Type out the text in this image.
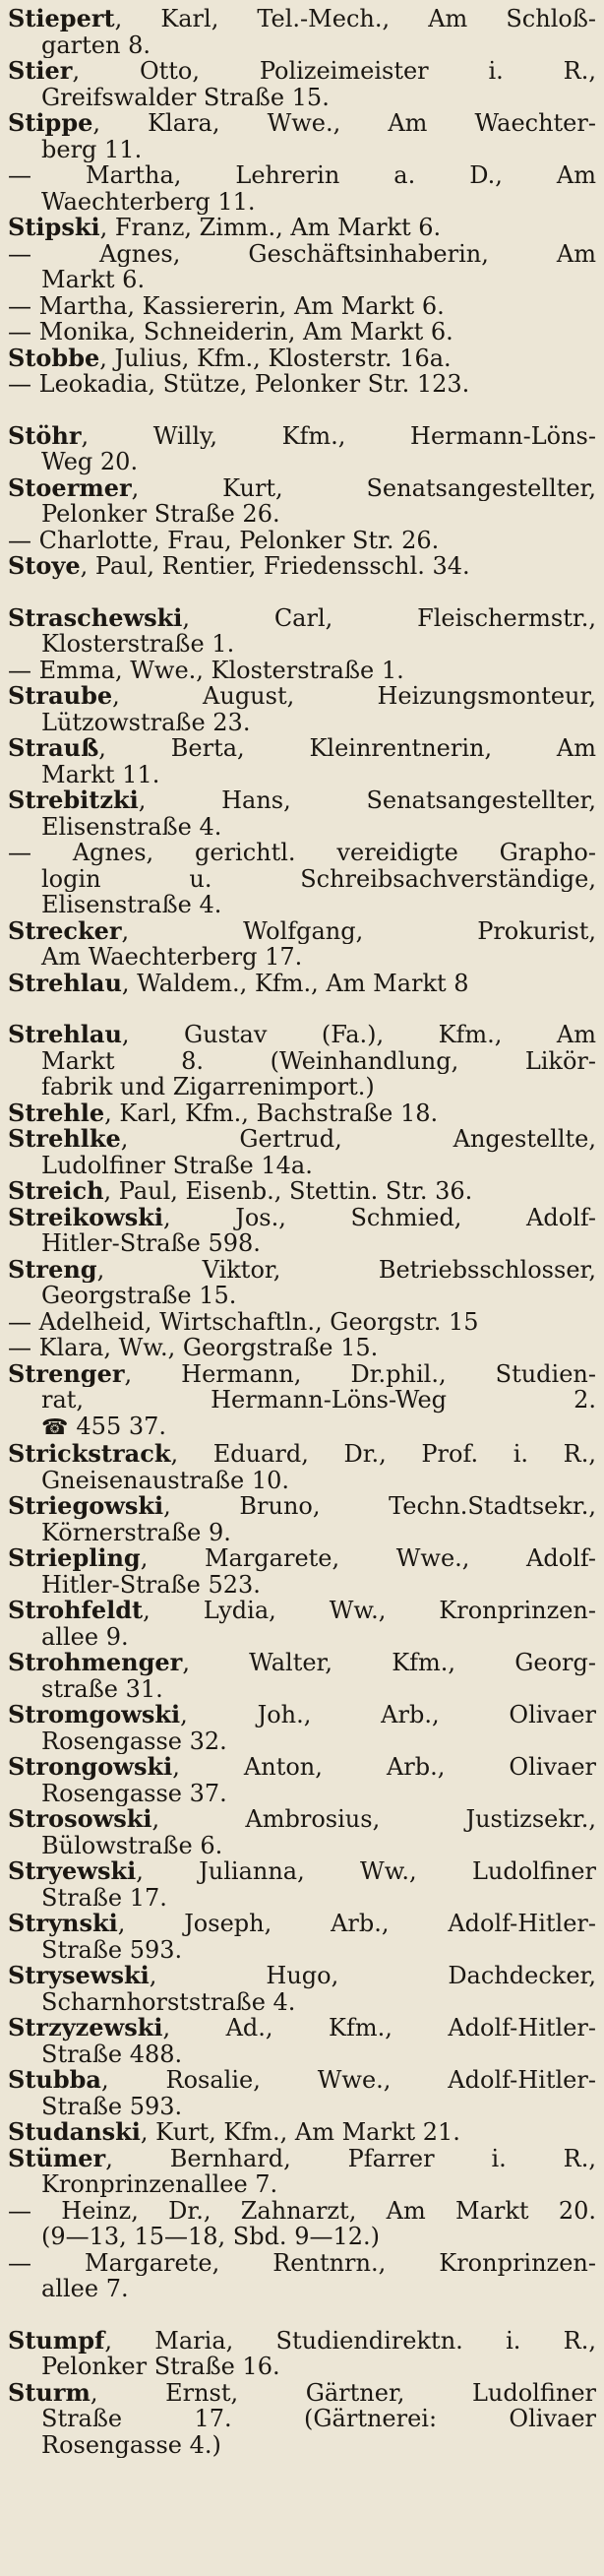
Stiepert, Karl, Tel.-Mech., Am Schloß-
garten 8.
Stier,	Otto,	Polizeimeister	i.	R.,
Greifswalder Straße 15.
Stippe, Klara, Wwe., Am Waechter-
berg 11.
— Martha, Lehrerin a. D., Am
Waechterberg 11.
Stipski, Franz, Zimm., Am Markt 6.
—	Agnes,	Geschäftsinhaberin,	Am
Markt 6.
— Martha, Kassiererin, Am Markt 6.
— Monika, Schneiderin, Am Markt 6.
Stobbe, Julius, Kfm., Klosterstr. 16a.
— Leokadia, Stütze, Pelonker Str. 123.
Stöhr,	Willy,	Kfm.,	Hermann-Löns-
Weg 20.
Stoermer,	Kurt,	Senatsangestellter,
Pelonker Straße 26.
— Charlotte, Frau, Pelonker Str. 26.
Stoye, Paul, Rentier, Friedensschl. 34.
Straschewski,	Carl,	Fleischermstr.,
Klosterstraße 1.
— Emma, Wwe., Klosterstraße 1.
Straube,	August,	Heizungsmonteur,
Lützowstraße 23.
Strauß,	Berta,	Kleinrentnerin,	Am
Markt 11.
Strebitzki,	Hans,	Senatsangestellter,
Elisenstraße 4.
— Agnes, gerichtl. vereidigte Grapho-
login	u.	Schreibsachverständige,
Elisenstraße 4.
Strecker,	Wolfgang,	Prokurist,
Am Waechterberg 17.
Strehlau, Waldem., Kfm., Am Markt 8
Strehlau, Gustav (Fa.), Kfm., Am
Markt	8.	(Weinhandlung,	Likör-
fabrik und Zigarrenimport.)
Strehle, Karl, Kfm., Bachstraße 18.
Strehlke,	Gertrud,	Angestellte,
Ludolfiner Straße 14a.
Streich, Paul, Eisenb., Stettin. Str. 36.
Streikowski,	Jos.,	Schmied,	Adolf-
Hitler-Straße 598.
Streng,	Viktor,	Betriebsschlosser,
Georgstraße 15.
— Adelheid, Wirtschaftln., Georgstr. 15
— Klara, Ww., Georgstraße 15.
Strenger, Hermann, Dr.phil., Studien-
rat,	Hermann-Löns-Weg	2.
☎ 455 37.
Strickstrack, Eduard, Dr., Prof. i. R.,
Gneisenaustraße 10.
Striegowski,	Bruno,	Techn.Stadtsekr.,
Körnerstraße 9.
Striepling, Margarete, Wwe., Adolf-
Hitler-Straße 523.
Strohfeldt, Lydia, Ww., Kronprinzen-
allee 9.
Strohmenger,	Walter,	Kfm.,	Georg-
straße 31.
Stromgowski,	Joh.,	Arb.,	Olivaer
Rosengasse 32.
Strongowski,	Anton,	Arb.,	Olivaer
Rosengasse 37.
Strosowski,	Ambrosius,	Justizsekr.,
Bülowstraße 6.
Stryewski, Julianna, Ww., Ludolfiner
Straße 17.
Strynski, Joseph, Arb., Adolf-Hitler-
Straße 593.
Strysewski,	Hugo,	Dachdecker,
Scharnhorststraße 4.
Strzyzewski, Ad., Kfm., Adolf-Hitler-
Straße 488.
Stubba, Rosalie, Wwe., Adolf-Hitler-
Straße 593.
Studanski, Kurt, Kfm., Am Markt 21.
Stümer, Bernhard, Pfarrer i. R.,
Kronprinzenallee 7.
— Heinz, Dr., Zahnarzt, Am Markt 20.
(9—13, 15—18, Sbd. 9—12.)
— Margarete, Rentnrn., Kronprinzen-
allee 7.
Stumpf, Maria, Studiendirektn. i. R.,
Pelonker Straße 16.
Sturm,	Ernst,	Gärtner,	Ludolfiner
Straße	17.	(Gärtnerei:	Olivaer
Rosengasse 4.)
